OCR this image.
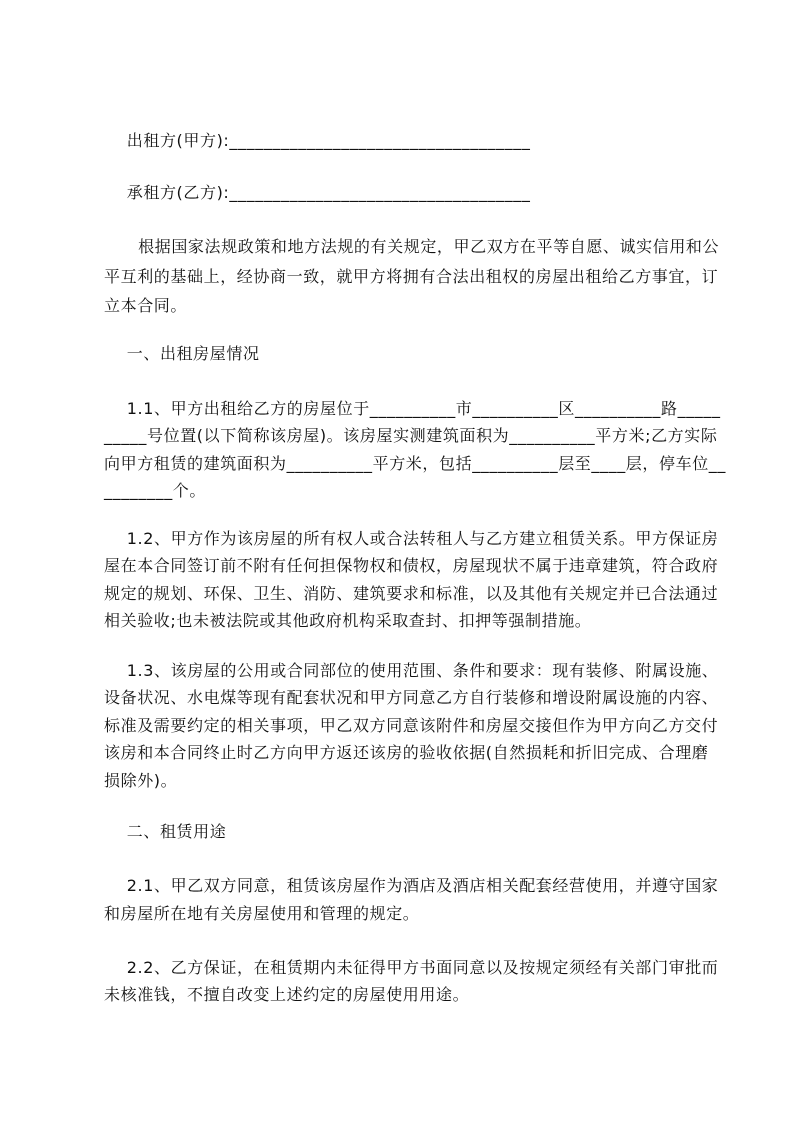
出租方(甲方):___________________________________
承租方(乙方):___________________________________
根据国家法规政策和地方法规的有关规定，甲乙双方在平等自愿、诚实信用和公
平互利的基础上，经协商一致，就甲方将拥有合法出租权的房屋出租给乙方事宜，订
立本合同。
一、出租房屋情况
1.1、甲方出租给乙方的房屋位于__________市__________区__________路_____
_____号位置(以下简称该房屋)。该房屋实测建筑面积为__________平方米;乙方实际
向甲方租赁的建筑面积为__________平方米，包括__________层至____层，停车位__
________个。
1.2、甲方作为该房屋的所有权人或合法转租人与乙方建立租赁关系。甲方保证房
屋在本合同签订前不附有任何担保物权和债权，房屋现状不属于违章建筑，符合政府
规定的规划、环保、卫生、消防、建筑要求和标准，以及其他有关规定并已合法通过
相关验收;也未被法院或其他政府机构采取查封、扣押等强制措施。
1.3、该房屋的公用或合同部位的使用范围、条件和要求：现有装修、附属设施、
设备状况、水电煤等现有配套状况和甲方同意乙方自行装修和增设附属设施的内容、
标准及需要约定的相关事项，甲乙双方同意该附件和房屋交接但作为甲方向乙方交付
该房和本合同终止时乙方向甲方返还该房的验收依据(自然损耗和折旧完成、合理磨
损除外)。
二、租赁用途
2.1、甲乙双方同意，租赁该房屋作为酒店及酒店相关配套经营使用，并遵守国家
和房屋所在地有关房屋使用和管理的规定。
2.2、乙方保证，在租赁期内未征得甲方书面同意以及按规定须经有关部门审批而
未核准钱，不擅自改变上述约定的房屋使用用途。
